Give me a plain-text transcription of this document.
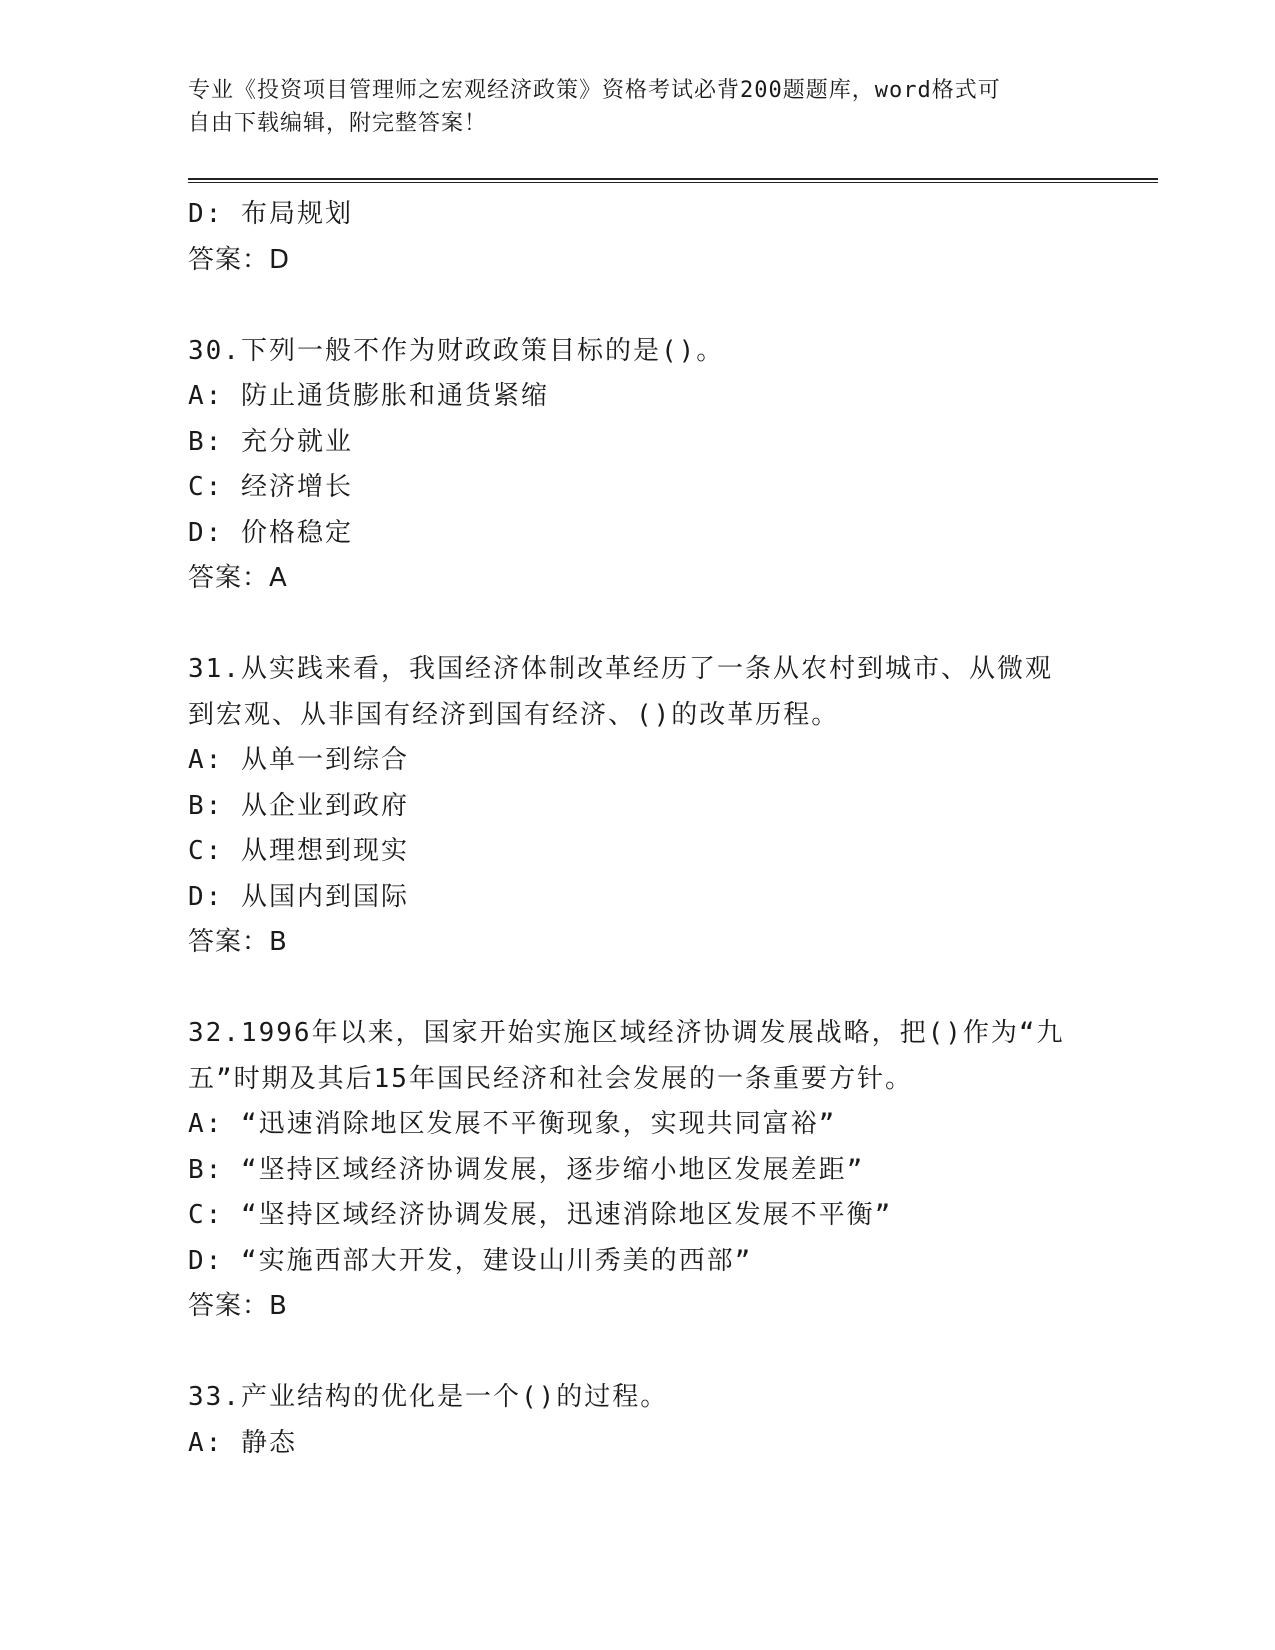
专业《投资项目管理师之宏观经济政策》资格考试必背200题题库，word格式可
自由下载编辑，附完整答案！
D: 布局规划
答案：D
30.下列一般不作为财政政策目标的是()。
A: 防止通货膨胀和通货紧缩
B: 充分就业
C: 经济增长
D: 价格稳定
答案：A
31.从实践来看，我国经济体制改革经历了一条从农村到城市、从微观
到宏观、从非国有经济到国有经济、()的改革历程。
A: 从单一到综合
B: 从企业到政府
C: 从理想到现实
D: 从国内到国际
答案：B
32.1996年以来，国家开始实施区域经济协调发展战略，把()作为“九
五”时期及其后15年国民经济和社会发展的一条重要方针。
A: “迅速消除地区发展不平衡现象，实现共同富裕”
B: “坚持区域经济协调发展，逐步缩小地区发展差距”
C: “坚持区域经济协调发展，迅速消除地区发展不平衡”
D: “实施西部大开发，建设山川秀美的西部”
答案：B
33.产业结构的优化是一个()的过程。
A: 静态
